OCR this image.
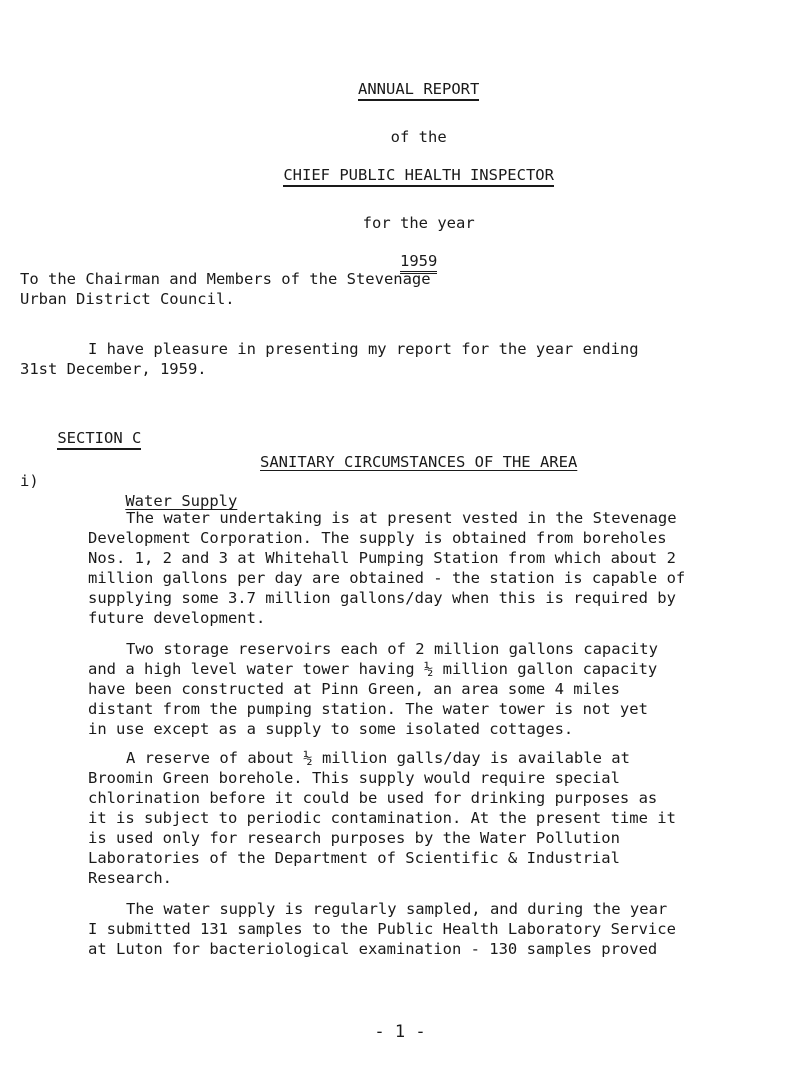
ANNUAL REPORT

of the

CHIEF PUBLIC HEALTH INSPECTOR

for the year

1959

To the Chairman and Members of the Stevenage
Urban District Council.
I have pleasure in presenting my report for the year ending
31st December, 1959.

SECTION C

SANITARY CIRCUMSTANCES OF THE AREA

i)

Water Supply

The water undertaking is at present vested in the Stevenage
Development Corporation. The supply is obtained from boreholes
Nos. 1, 2 and 3 at Whitehall Pumping Station from which about 2
million gallons per day are obtained - the station is capable of
supplying some 3.7 million gallons/day when this is required by
future development.
Two storage reservoirs each of 2 million gallons capacity
and a high level water tower having ½ million gallon capacity
have been constructed at Pinn Green, an area some 4 miles
distant from the pumping station. The water tower is not yet
in use except as a supply to some isolated cottages.
A reserve of about ½ million galls/day is available at
Broomin Green borehole. This supply would require special
chlorination before it could be used for drinking purposes as
it is subject to periodic contamination. At the present time it
is used only for research purposes by the Water Pollution
Laboratories of the Department of Scientific & Industrial
Research.
The water supply is regularly sampled, and during the year
I submitted 131 samples to the Public Health Laboratory Service
at Luton for bacteriological examination - 130 samples proved
- 1 -
